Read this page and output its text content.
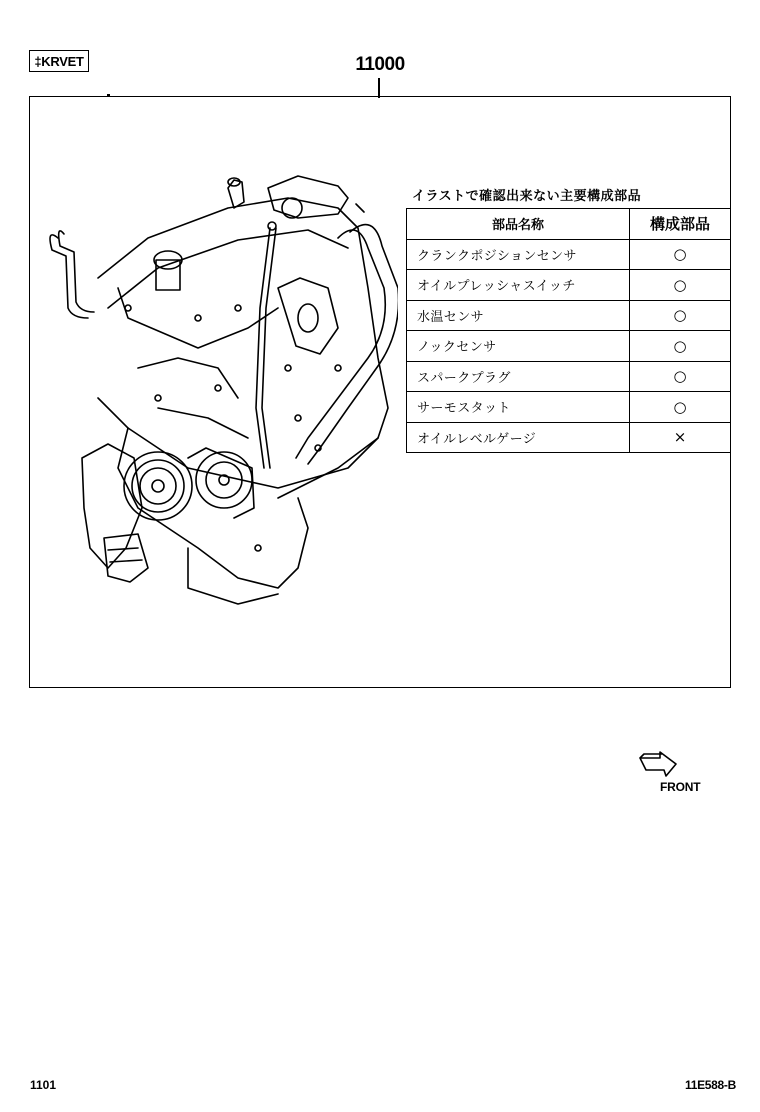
‡KRVET	11000
イラストで確認出来ない主要構成部品
部品名称	構成部品
クランクポジションセンサ	○
オイルプレッシャスイッチ	○
水温センサ	○
ノックセンサ	○
スパークプラグ	○
サーモスタット	○
オイルレベルゲージ	×
FRONT
1101	11E588-B
